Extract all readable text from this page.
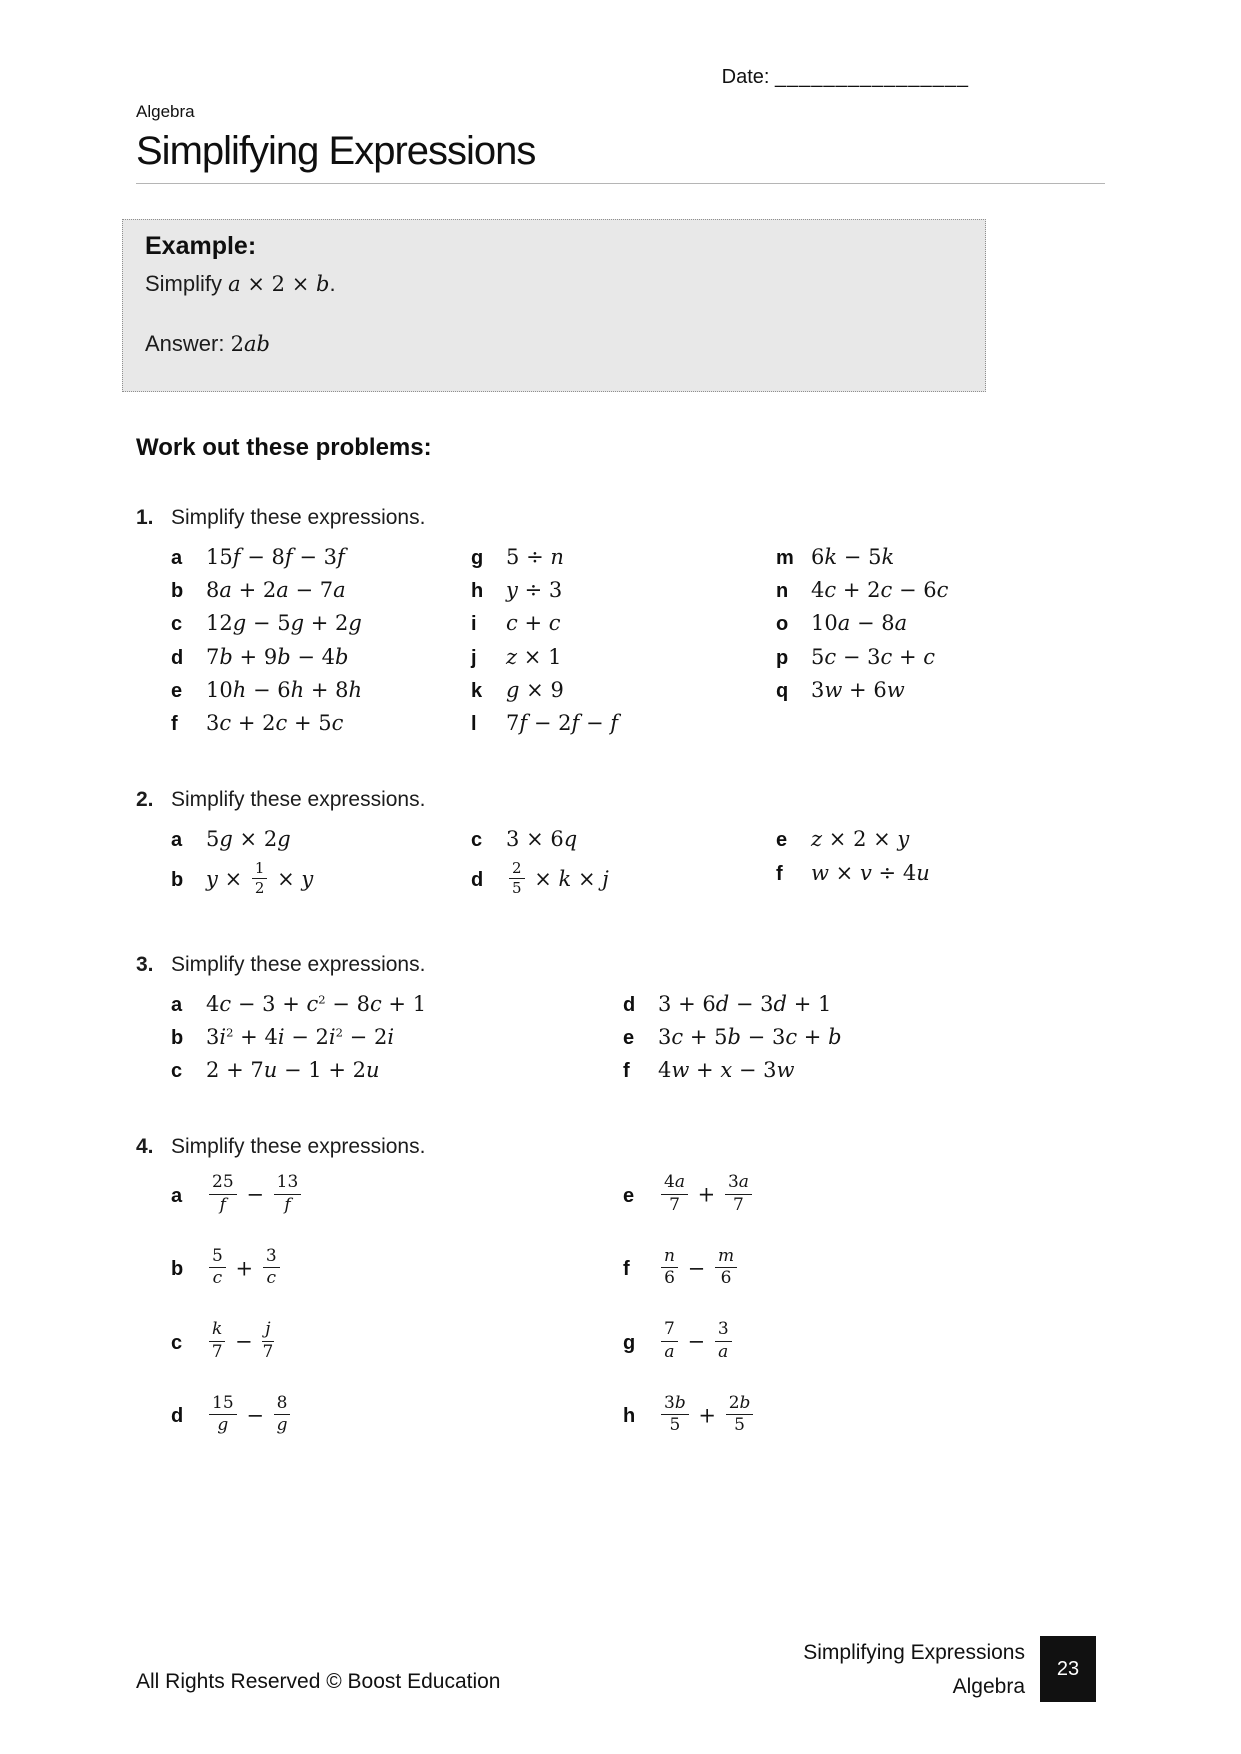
Date: ________________
Algebra
Simplifying Expressions
Example:
Simplify a × 2 × b.
Answer: 2ab
Work out these problems:
1. Simplify these expressions.
a	15f − 8f − 3f
b	8a + 2a − 7a
c	12g − 5g + 2g
d	7b + 9b − 4b
e	10h − 6h + 8h
f	3c + 2c + 5c
g	5 ÷ n
h	y ÷ 3
i	c + c
j	z × 1
k	g × 9
l	7f − 2f − f
m 6k − 5k
n	4c + 2c − 6c
o	10a − 8a
p	5c − 3c + c
q	3w + 6w
2. Simplify these expressions.
a	5g × 2g
b	$y \times \frac{1}{2} \times y$
c	3 × 6q
d	$\frac{2}{5} \times k \times j$
e	z × 2 × y
f	w × v ÷ 4u
3. Simplify these expressions.
a	$4c - 3 + c^2 - 8c + 1$
b	$3i^2 + 4i - 2i^2 - 2i$
c	2 + 7u − 1 + 2u
d	3 + 6d − 3d + 1
e	3c + 5b − 3c + b
f	4w + x − 3w
4. Simplify these expressions.
a	$\frac{25}{f} - \frac{13}{f}$
b	$\frac{5}{c} + \frac{3}{c}$
c	$\frac{k}{7} - \frac{j}{7}$
d	$\frac{15}{g} - \frac{8}{g}$
e	$\frac{4a}{7} + \frac{3a}{7}$
f	$\frac{n}{6} - \frac{m}{6}$
g	$\frac{7}{a} - \frac{3}{a}$
h	$\frac{3b}{5} + \frac{2b}{5}$
All Rights Reserved © Boost Education
Simplifying Expressions
Algebra
23
